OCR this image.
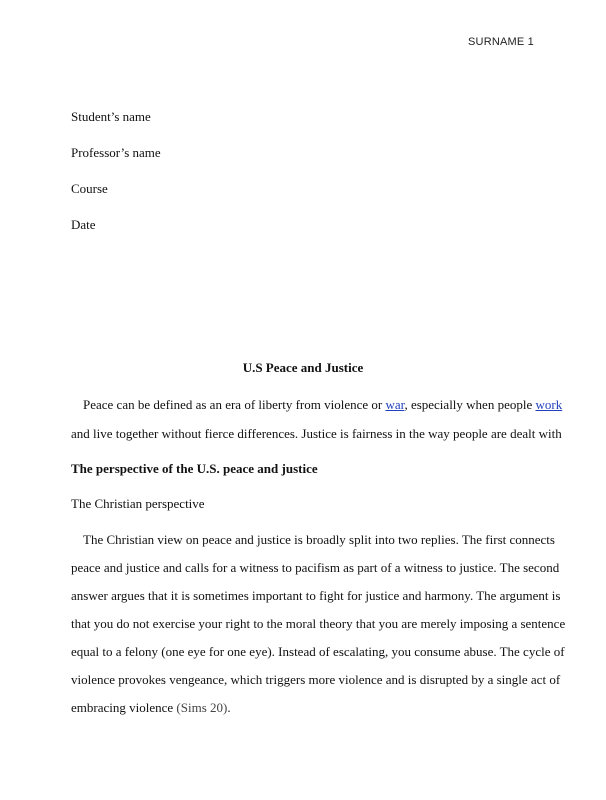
SURNAME 1
Student’s name
Professor’s name
Course
Date
U.S Peace and Justice
Peace can be defined as an era of liberty from violence or war, especially when people work
and live together without fierce differences. Justice is fairness in the way people are dealt with
The perspective of the U.S. peace and justice
The Christian perspective
The Christian view on peace and justice is broadly split into two replies. The first connects
peace and justice and calls for a witness to pacifism as part of a witness to justice. The second
answer argues that it is sometimes important to fight for justice and harmony. The argument is
that you do not exercise your right to the moral theory that you are merely imposing a sentence
equal to a felony (one eye for one eye). Instead of escalating, you consume abuse. The cycle of
violence provokes vengeance, which triggers more violence and is disrupted by a single act of
embracing violence (Sims 20).
